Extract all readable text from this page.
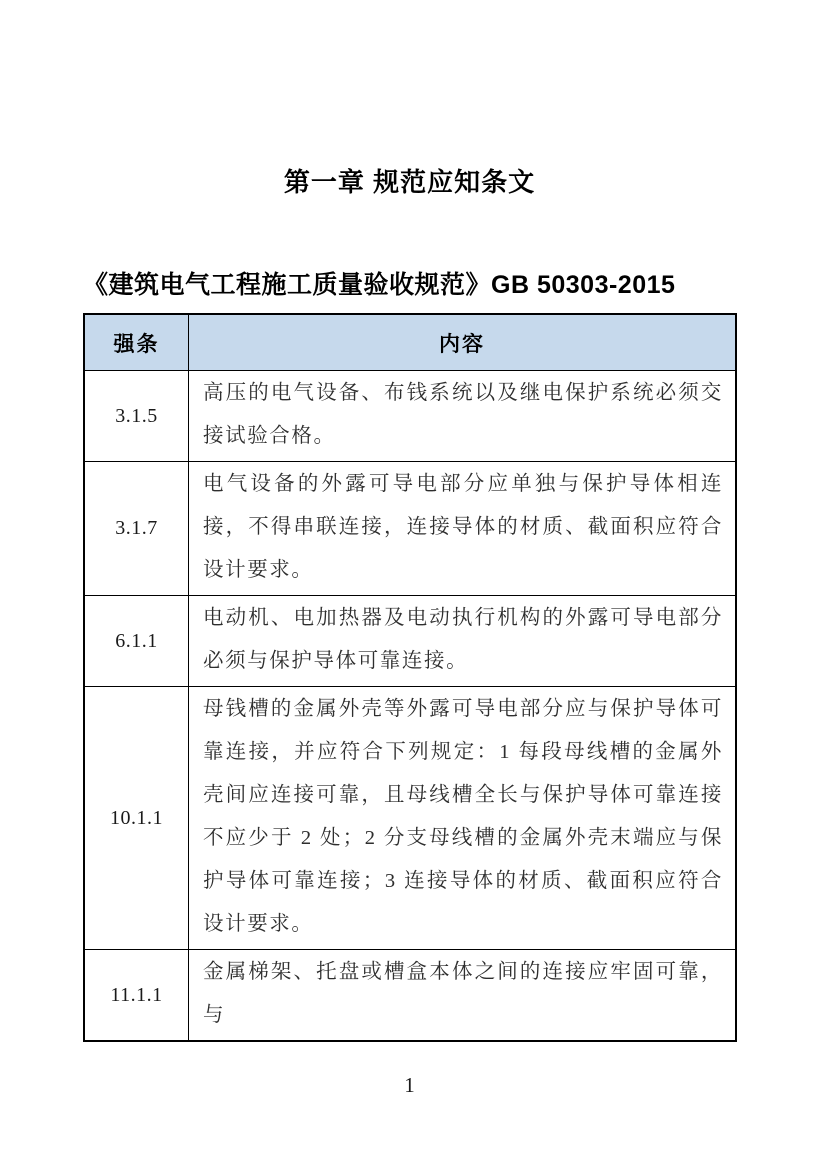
第一章 规范应知条文
《建筑电气工程施工质量验收规范》GB 50303-2015
强条	内容
3.1.5	高压的电气设备、布钱系统以及继电保护系统必须交接试验合格。
3.1.7	电气设备的外露可导电部分应单独与保护导体相连接，不得串联连接，连接导体的材质、截面积应符合设计要求。
6.1.1	电动机、电加热器及电动执行机构的外露可导电部分必须与保护导体可靠连接。
10.1.1	母钱槽的金属外壳等外露可导电部分应与保护导体可靠连接，并应符合下列规定：1 每段母线槽的金属外壳间应连接可靠，且母线槽全长与保护导体可靠连接不应少于 2 处；2 分支母线槽的金属外壳末端应与保护导体可靠连接；3 连接导体的材质、截面积应符合设计要求。
11.1.1	金属梯架、托盘或槽盒本体之间的连接应牢固可靠，与
1
